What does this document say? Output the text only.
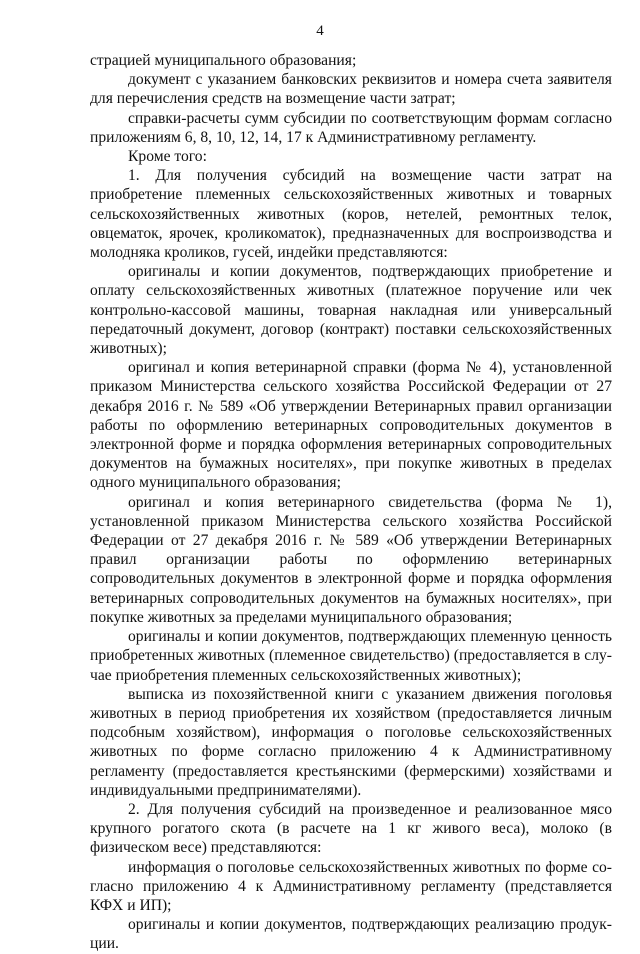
4

страцией муниципального образования;

документ с указанием банковских реквизитов и номера счета заявителя для перечисления средств на возмещение части затрат;

справки-расчеты сумм субсидии по соответствующим формам согласно приложениям 6, 8, 10, 12, 14, 17 к Административному регламенту.

Кроме того:

1. Для получения субсидий на возмещение части затрат на приобретение племенных сельскохозяйственных животных и товарных сельскохозяйственных животных (коров, нетелей, ремонтных телок, овцематок, ярочек, кроликоматок), предназначенных для воспроизводства и молодняка кроликов, гусей, индейки представляются:

оригиналы и копии документов, подтверждающих приобретение и оплату сельскохозяйственных животных (платежное поручение или чек контрольно-кассовой машины, товарная накладная или универсальный передаточный документ, договор (контракт) поставки сельскохозяйственных животных);

оригинал и копия ветеринарной справки (форма № 4), установленной приказом Министерства сельского хозяйства Российской Федерации от 27 декабря 2016 г. № 589 «Об утверждении Ветеринарных правил организации работы по оформлению ветеринарных сопроводительных документов в электронной форме и порядка оформления ветеринарных сопроводительных документов на бумажных носителях», при покупке животных в пределах одного муниципального образования;

оригинал и копия ветеринарного свидетельства (форма № 1), установленной приказом Министерства сельского хозяйства Российской Федерации от 27 декабря 2016 г. № 589 «Об утверждении Ветеринарных правил организации работы по оформлению ветеринарных сопроводительных документов в электронной форме и порядка оформления ветеринарных сопроводительных документов на бумажных носителях», при покупке животных за пределами муниципального образования;

оригиналы и копии документов, подтверждающих племенную ценность приобретенных животных (племенное свидетельство) (предоставляется в случае приобретения племенных сельскохозяйственных животных);

выписка из похозяйственной книги с указанием движения поголовья животных в период приобретения их хозяйством (предоставляется личным подсобным хозяйством), информация о поголовье сельскохозяйственных животных по форме согласно приложению 4 к Административному регламенту (предоставляется крестьянскими (фермерскими) хозяйствами и индивидуальными предпринимателями).

2. Для получения субсидий на произведенное и реализованное мясо крупного рогатого скота (в расчете на 1 кг живого веса), молоко (в физическом весе) представляются:

информация о поголовье сельскохозяйственных животных по форме согласно приложению 4 к Административному регламенту (представляется КФХ и ИП);

оригиналы и копии документов, подтверждающих реализацию продукции.
